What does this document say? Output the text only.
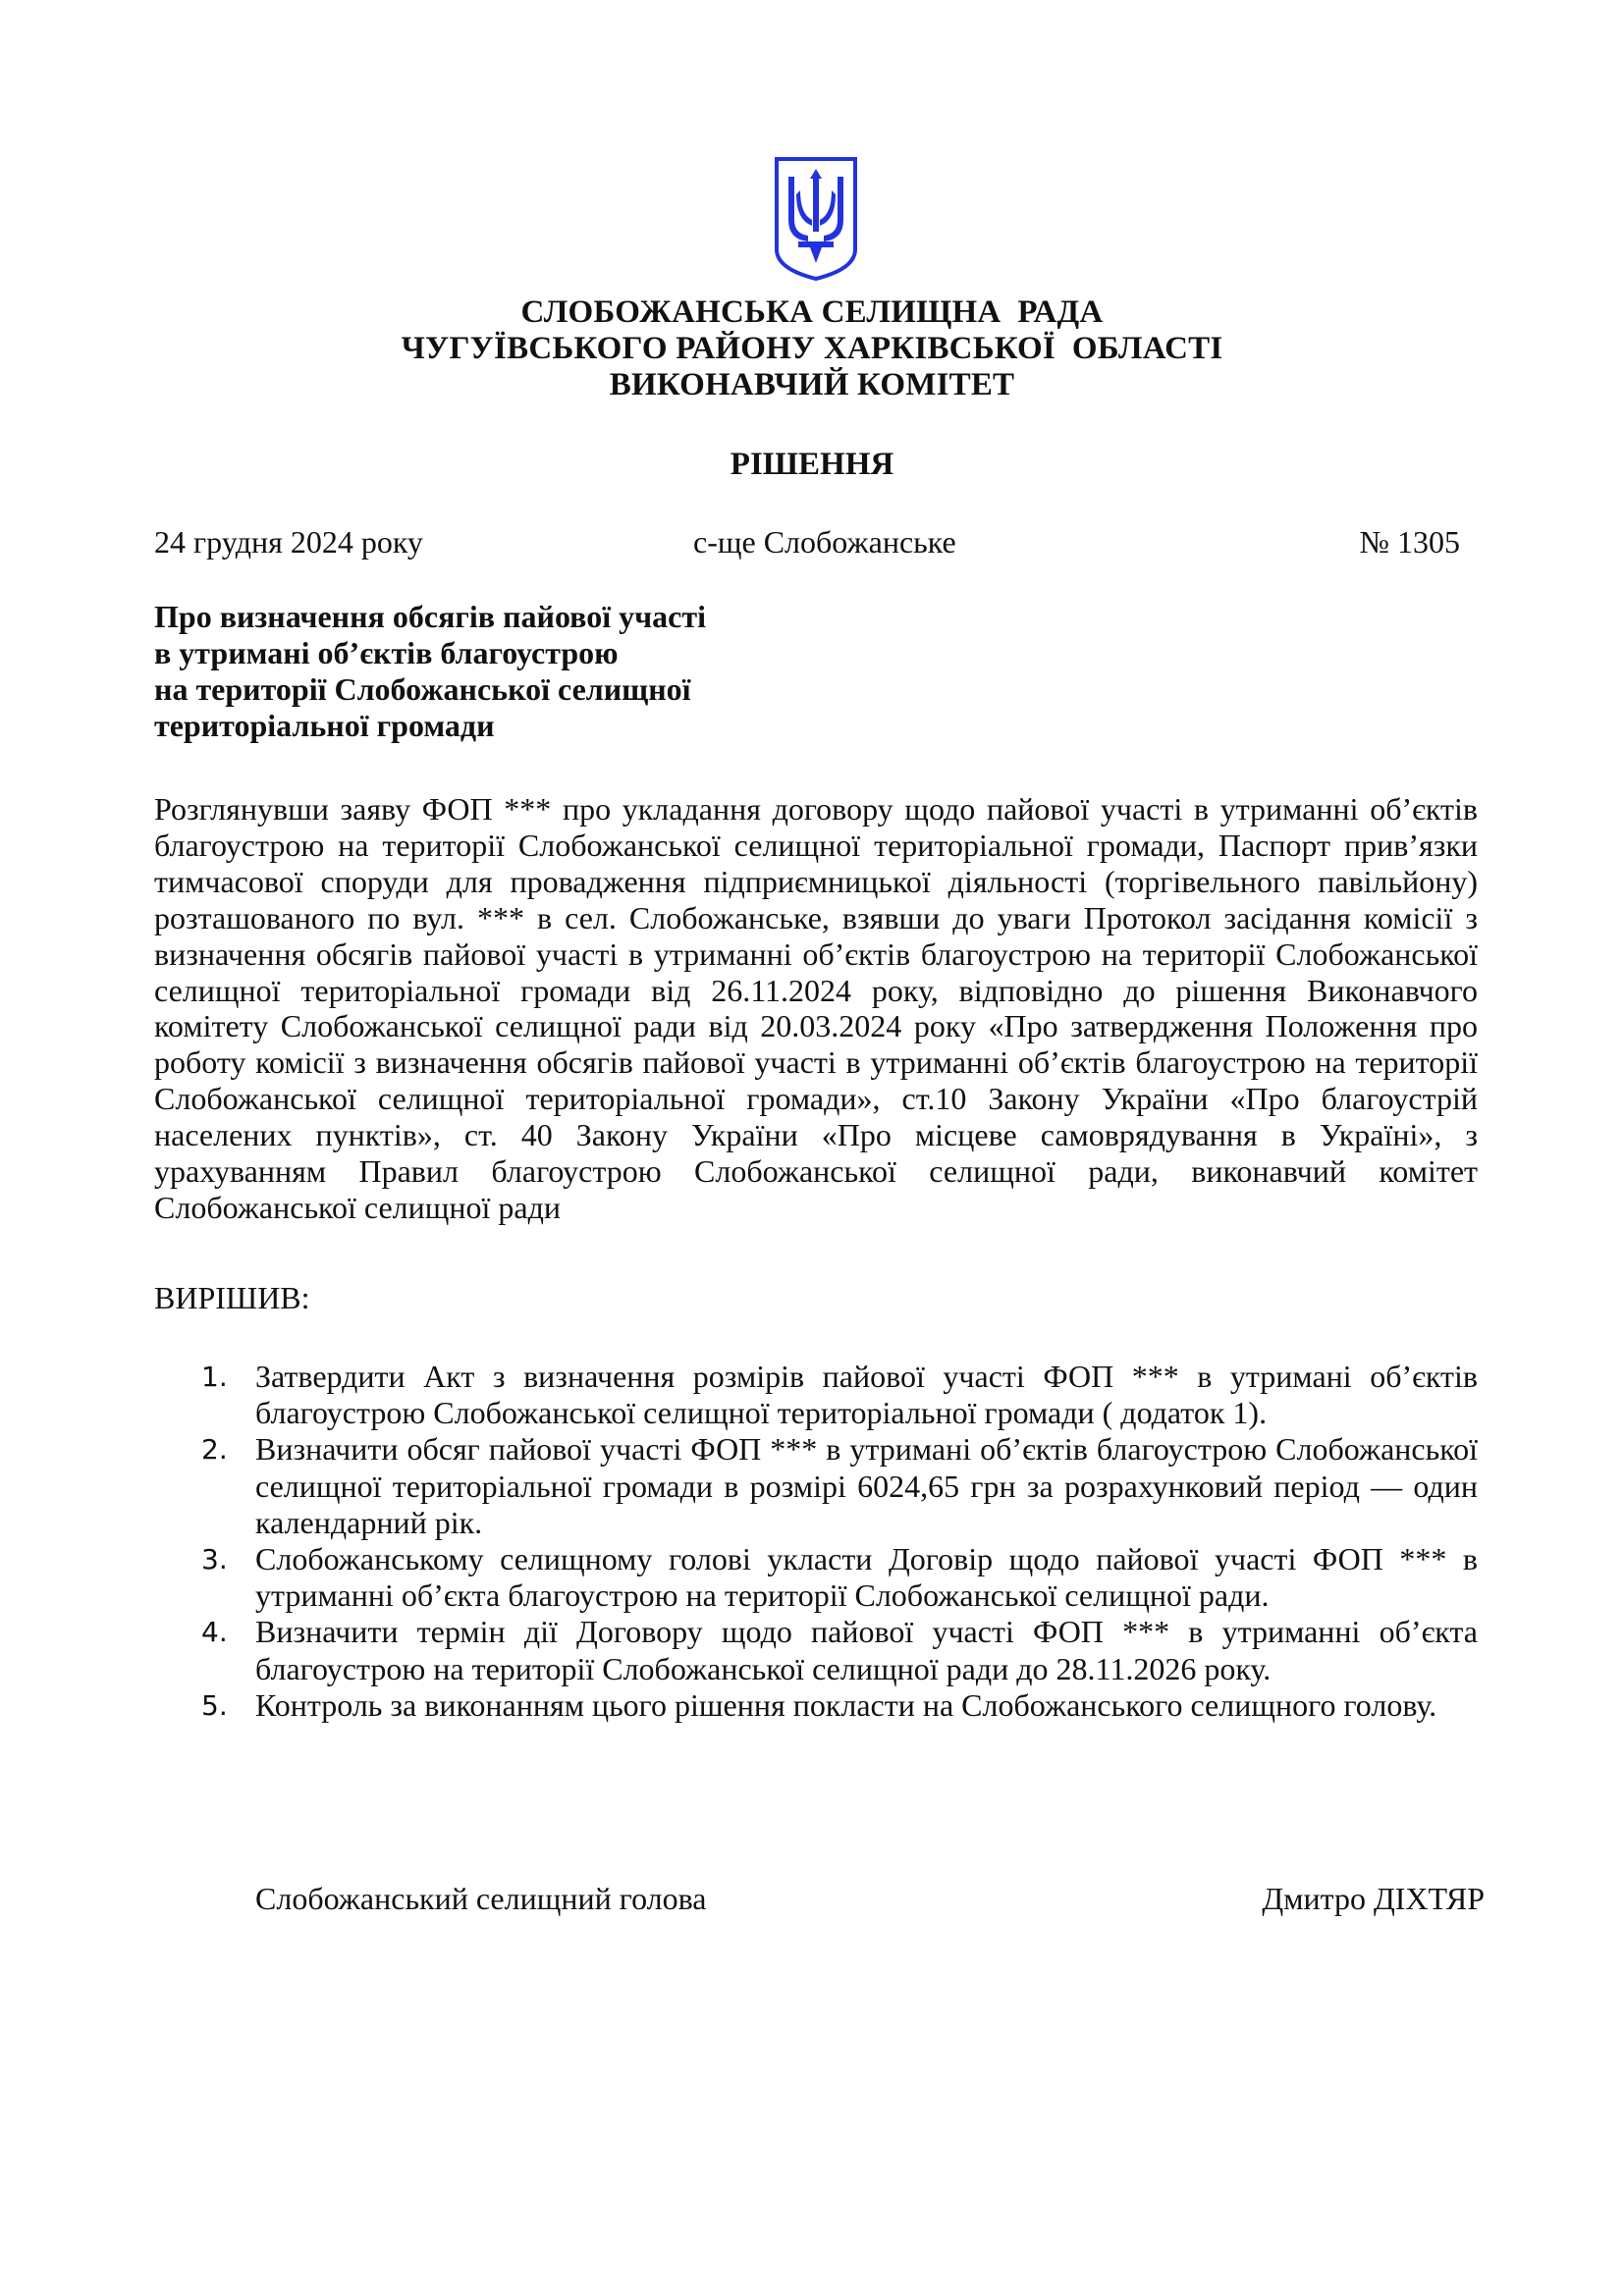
СЛОБОЖАНСЬКА СЕЛИЩНА  РАДА
ЧУГУЇВСЬКОГО РАЙОНУ ХАРКІВСЬКОЇ  ОБЛАСТІ
ВИКОНАВЧИЙ КОМІТЕТ
РІШЕННЯ
24 грудня 2024 року	с-ще Слобожанське	№ 1305
Про визначення обсягів пайової участі
в утримані об’єктів благоустрою
на території Слобожанської селищної
територіальної громади
Розглянувши заяву ФОП *** про укладання договору щодо пайової участі в утриманні об’єктів благоустрою на території Слобожанської селищної територіальної громади, Паспорт прив’язки тимчасової споруди для провадження підприємницької діяльності (торгівельного павільйону) розташованого по вул. *** в сел. Слобожанське, взявши до уваги Протокол засідання комісії з визначення обсягів пайової участі в утриманні об’єктів благоустрою на території Слобожанської селищної територіальної громади від 26.11.2024 року, відповідно до рішення Виконавчого комітету Слобожанської селищної ради від 20.03.2024 року «Про затвердження Положення про роботу комісії з визначення обсягів пайової участі в утриманні об’єктів благоустрою на території Слобожанської селищної територіальної громади», ст.10 Закону України «Про благоустрій населених пунктів», ст. 40 Закону України «Про місцеве самоврядування в Україні», з урахуванням Правил благоустрою Слобожанської селищної ради, виконавчий комітет Слобожанської селищної ради
ВИРІШИВ:
1. Затвердити Акт з визначення розмірів пайової участі ФОП *** в утримані об’єктів благоустрою Слобожанської селищної територіальної громади ( додаток 1).
2. Визначити обсяг пайової участі ФОП *** в утримані об’єктів благоустрою Слобожанської селищної територіальної громади в розмірі 6024,65 грн за розрахунковий період — один календарний рік.
3. Слобожанському селищному голові укласти Договір щодо пайової участі ФОП *** в утриманні об’єкта благоустрою на території Слобожанської селищної ради.
4. Визначити термін дії Договору щодо пайової участі ФОП *** в утриманні об’єкта благоустрою на території Слобожанської селищної ради до 28.11.2026 року.
5. Контроль за виконанням цього рішення покласти на Слобожанського селищного голову.
Слобожанський селищний голова	Дмитро ДІХТЯР
